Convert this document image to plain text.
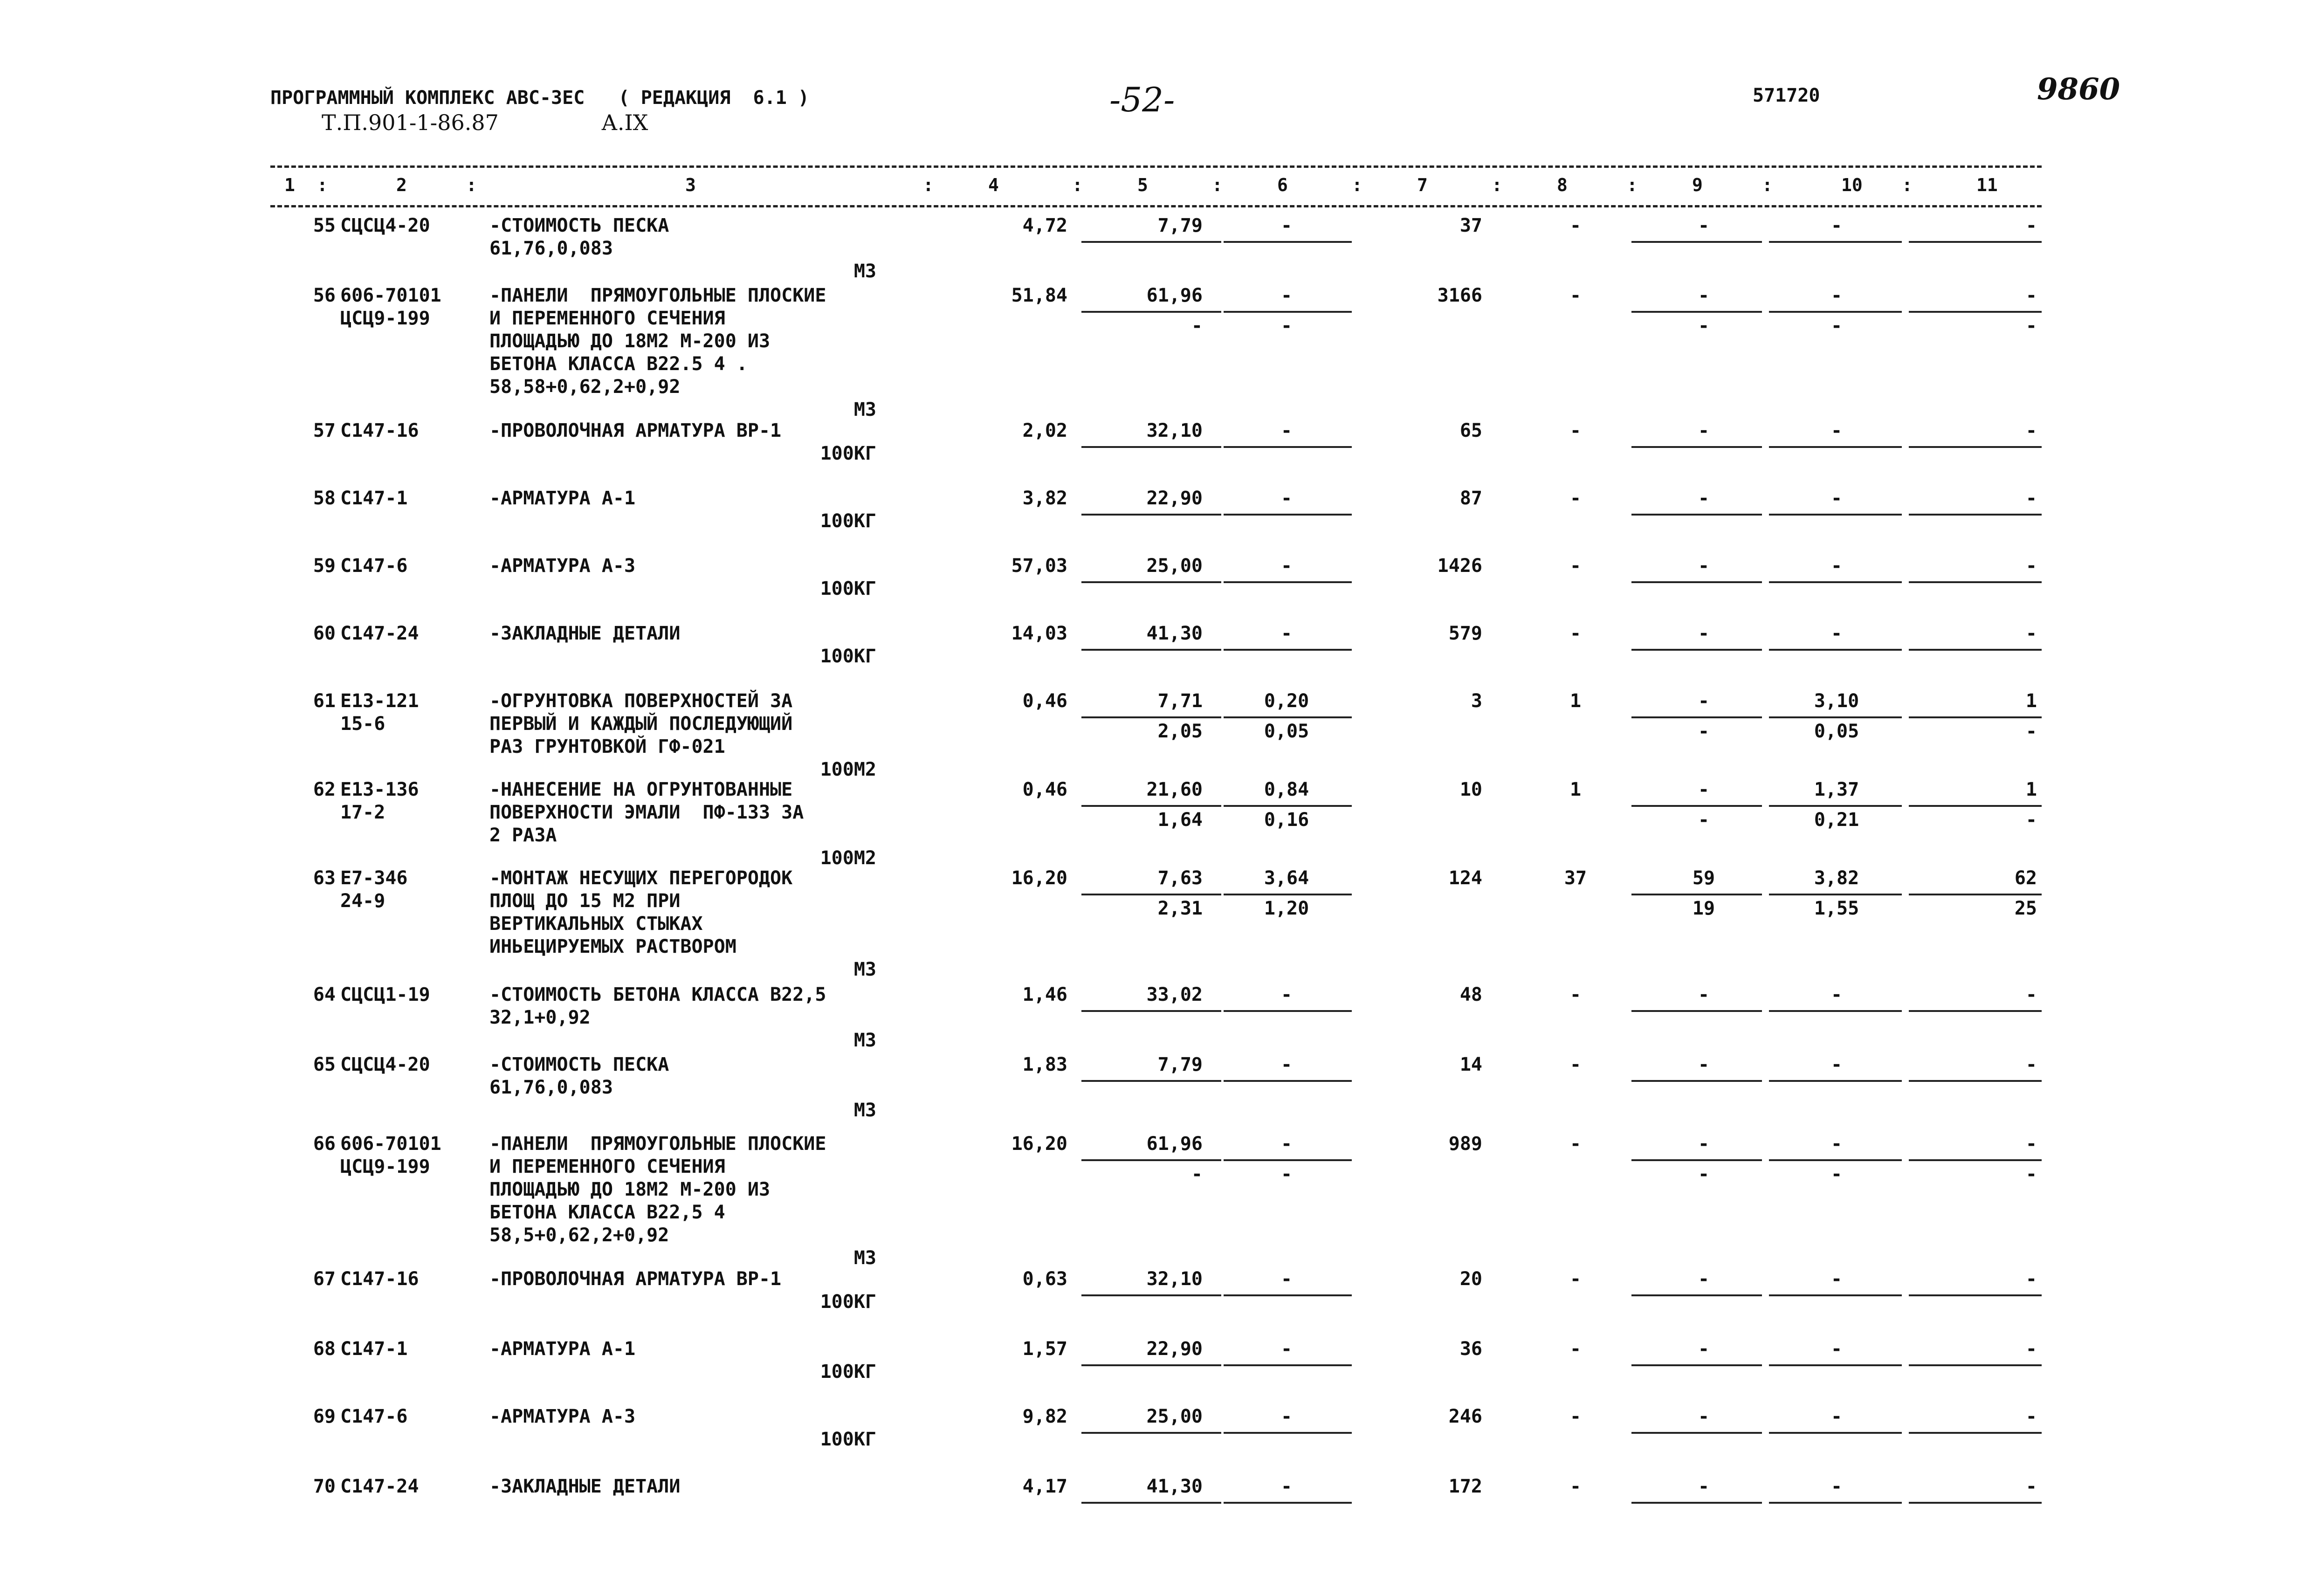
ПРОГРАММНЫЙ КОМПЛЕКС АВС-3ЕС   ( РЕДАКЦИЯ  6.1 )
Т.П.901-1-86.87	А.IX
-52-	571720	9860
1	2	3	4	5	6	7	8	9	10	11
:	:	:	:	:	:	:	:	:	:
55 СЦСЦ4-20	-СТОИМОСТЬ ПЕСКА
61,76,0,083
М3
4,72	7,79	-	37	-	-	-	-
56 606-70101
ЦСЦ9-199
-ПАНЕЛИ  ПРЯМОУГОЛЬНЫЕ ПЛОСКИЕ
И ПЕРЕМЕННОГО СЕЧЕНИЯ
ПЛОЩАДЬЮ ДО 18М2 М-200 ИЗ
БЕТОНА КЛАССА В22.5 4 .
58,58+0,62,2+0,92
М3
51,84	61,96	-	3166	-	-	-	-
-	-	-	-	-
57 С147-16	-ПРОВОЛОЧНАЯ АРМАТУРА ВР-1
100КГ
2,02	32,10	-	65	-	-	-	-
58 С147-1	-АРМАТУРА А-1
100КГ
3,82	22,90	-	87	-	-	-	-
59 С147-6	-АРМАТУРА А-3
100КГ
57,03	25,00	-	1426	-	-	-	-
60 С147-24	-ЗАКЛАДНЫЕ ДЕТАЛИ
100КГ
14,03	41,30	-	579	-	-	-	-
61 Е13-121
15-6
-ОГРУНТОВКА ПОВЕРХНОСТЕЙ ЗА
ПЕРВЫЙ И КАЖДЫЙ ПОСЛЕДУЮЩИЙ
РАЗ ГРУНТОВКОЙ ГФ-021
100М2
0,46	7,71	0,20	3	1	-	3,10	1
2,05	0,05	-	0,05	-
62 Е13-136
17-2
-НАНЕСЕНИЕ НА ОГРУНТОВАННЫЕ
ПОВЕРХНОСТИ ЭМАЛИ  ПФ-133 ЗА
2 РАЗА
100М2
0,46	21,60	0,84	10	1	-	1,37	1
1,64	0,16	-	0,21	-
63 Е7-346
24-9
-МОНТАЖ НЕСУЩИХ ПЕРЕГОРОДОК
ПЛОЩ ДО 15 М2 ПРИ
ВЕРТИКАЛЬНЫХ СТЫКАХ
ИНЬЕЦИРУЕМЫХ РАСТВОРОМ
М3
16,20	7,63	3,64	124	37	59	3,82	62
2,31	1,20	19	1,55	25
64 СЦСЦ1-19	-СТОИМОСТЬ БЕТОНА КЛАССА В22,5
32,1+0,92
М3
1,46	33,02	-	48	-	-	-	-
65 СЦСЦ4-20	-СТОИМОСТЬ ПЕСКА
61,76,0,083
М3
1,83	7,79	-	14	-	-	-	-
66 606-70101
ЦСЦ9-199
-ПАНЕЛИ  ПРЯМОУГОЛЬНЫЕ ПЛОСКИЕ
И ПЕРЕМЕННОГО СЕЧЕНИЯ
ПЛОЩАДЬЮ ДО 18М2 М-200 ИЗ
БЕТОНА КЛАССА В22,5 4
58,5+0,62,2+0,92
М3
16,20	61,96	-	989	-	-	-	-
-	-	-	-	-
67 С147-16	-ПРОВОЛОЧНАЯ АРМАТУРА ВР-1
100КГ
0,63	32,10	-	20	-	-	-	-
68 С147-1	-АРМАТУРА А-1
100КГ
1,57	22,90	-	36	-	-	-	-
69 С147-6	-АРМАТУРА А-3
100КГ
9,82	25,00	-	246	-	-	-	-
70 С147-24	-ЗАКЛАДНЫЕ ДЕТАЛИ	4,17	41,30	-	172	-	-	-	-
